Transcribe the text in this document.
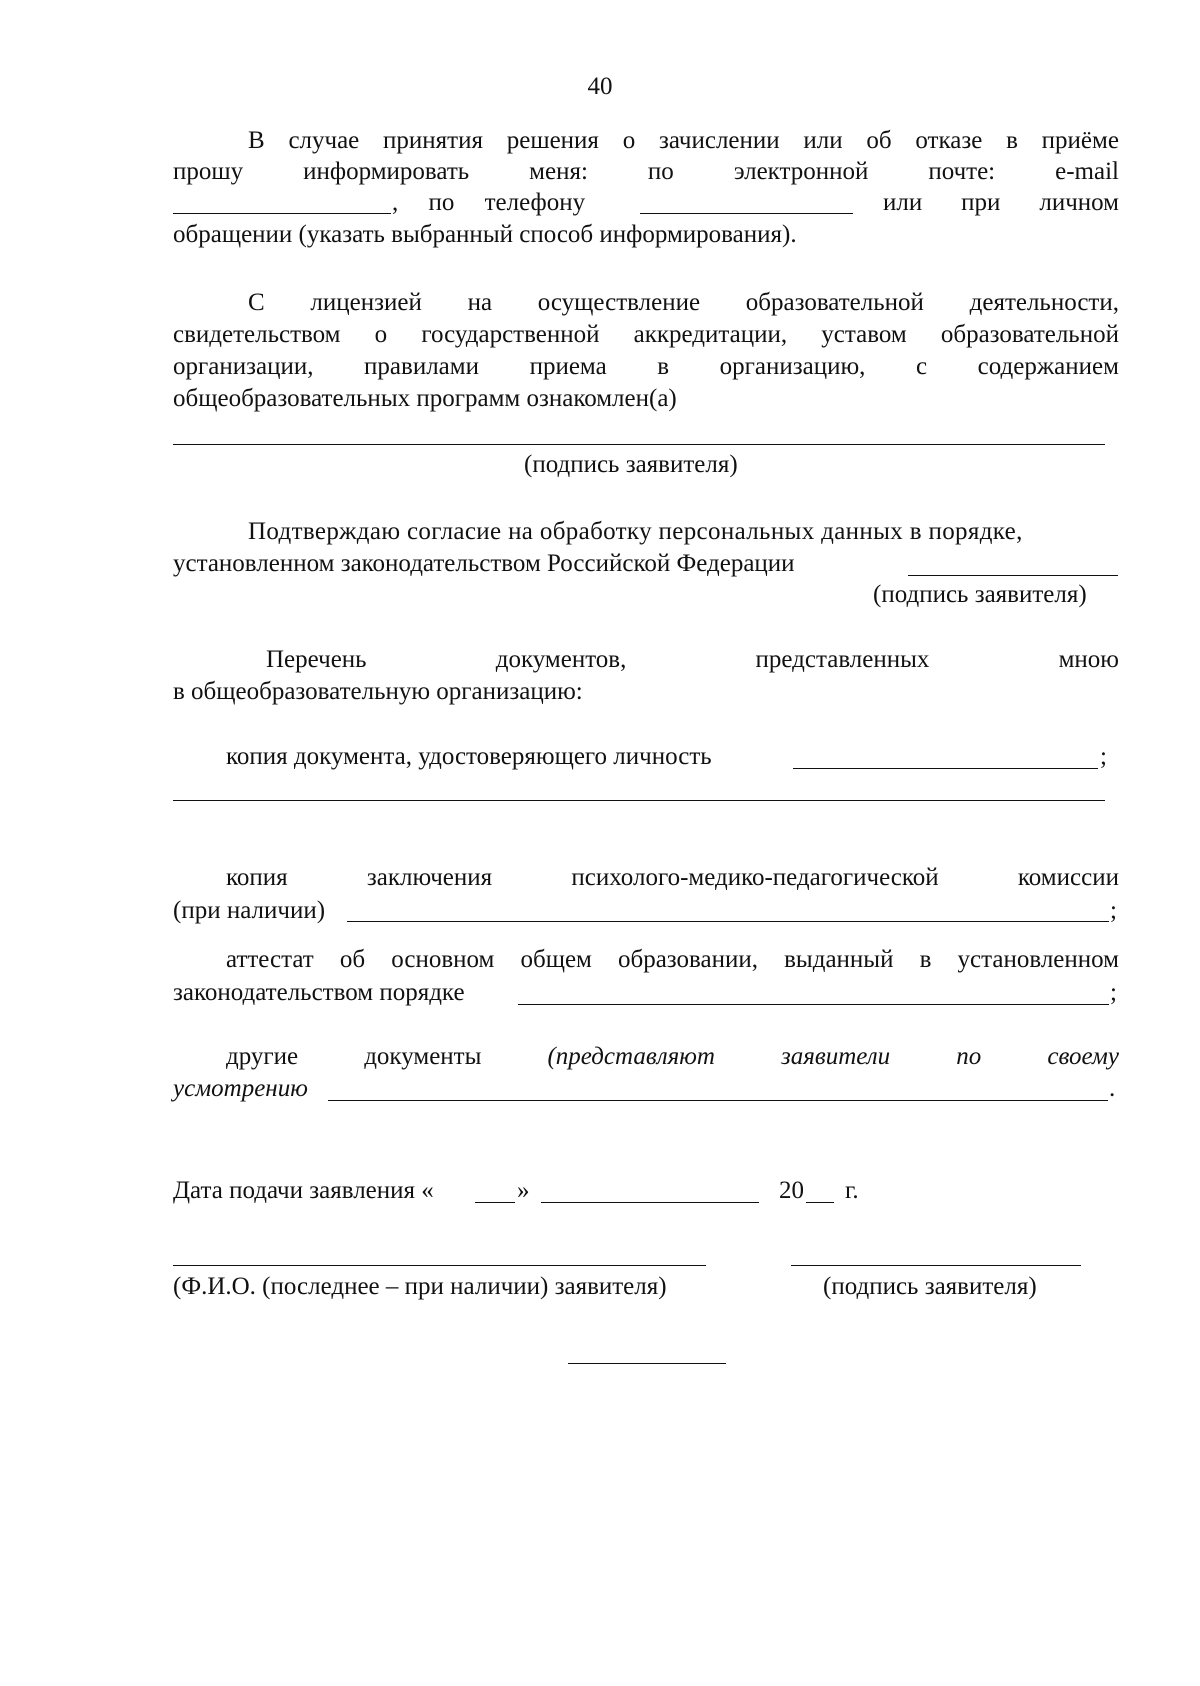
40
В случае принятия решения о зачислении или об отказе в приёме
прошу информировать меня: по электронной почте: e-mail
, по телефону	или при личном
обращении (указать выбранный способ информирования).
С лицензией на осуществление образовательной деятельности,
свидетельством о государственной аккредитации, уставом образовательной
организации, правилами приема в организацию, с содержанием
общеобразовательных программ ознакомлен(а)
(подпись заявителя)
Подтверждаю согласие на обработку персональных данных в порядке,
установленном законодательством Российской Федерации
(подпись заявителя)
Перечень	документов,	представленных	мною
в общеобразовательную организацию:
копия документа, удостоверяющего личность	;
копия	заключения	психолого-медико-педагогической	комиссии
(при наличии)	;
аттестат об основном общем образовании, выданный в установленном
законодательством порядке	;
другие	документы	(представляют	заявители	по	своему
усмотрению	.
Дата подачи заявления «	»	20 г.
(Ф.И.О. (последнее – при наличии) заявителя)	(подпись заявителя)
